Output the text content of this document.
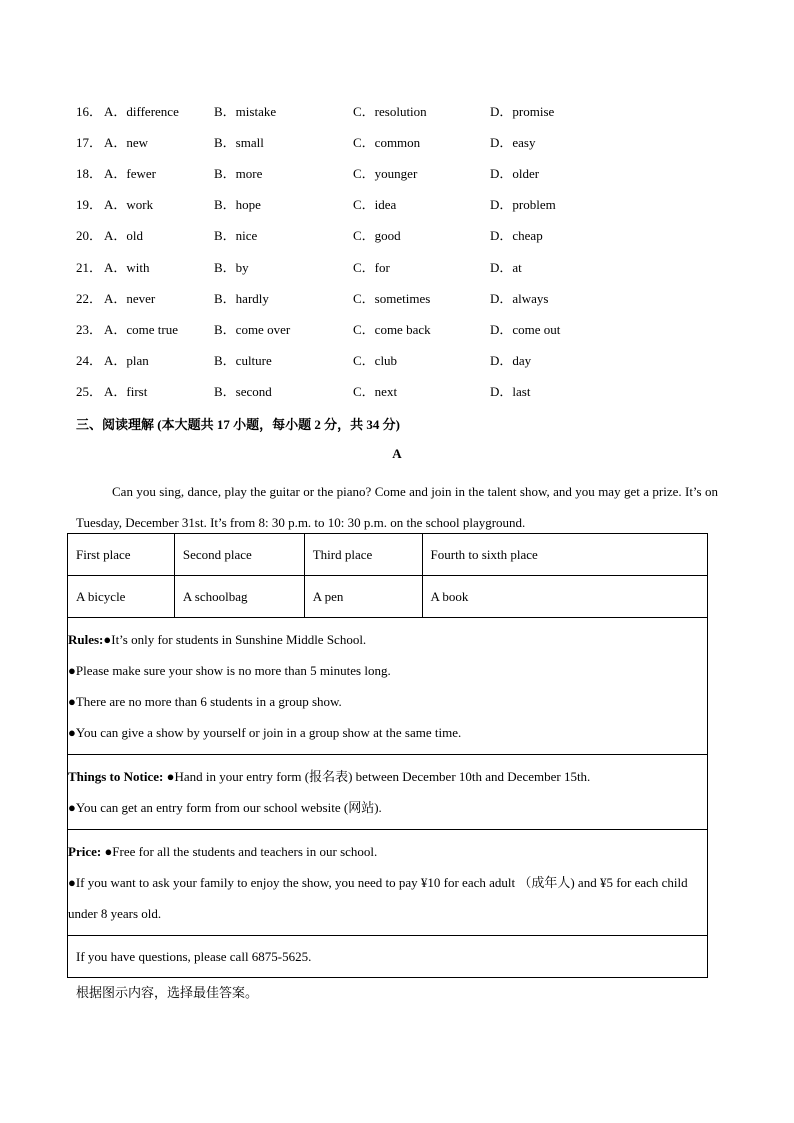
16． A．difference	B．mistake	C．resolution	D．promise
17． A．new	B．small	C．common	D．easy
18． A．fewer	B．more	C．younger	D．older
19． A．work	B．hope	C．idea	D．problem
20． A．old	B．nice	C．good	D．cheap
21． A．with	B．by	C．for	D．at
22． A．never	B．hardly	C．sometimes	D．always
23． A．come true	B．come over	C．come back	D．come out
24． A．plan	B．culture	C．club	D．day
25． A．first	B．second	C．next	D．last
三、阅读理解 (本大题共 17 小题，每小题 2 分，共 34 分)
A
Can you sing, dance, play the guitar or the piano? Come and join in the talent show, and you may get a prize. It’s on Tuesday, December 31st. It’s from 8: 30 p.m. to 10: 30 p.m. on the school playground.
First place	Second place	Third place	Fourth to sixth place
A bicycle	A schoolbag	A pen	A book

Rules:●It’s only for students in Sunshine Middle School.
●Please make sure your show is no more than 5 minutes long.
●There are no more than 6 students in a group show.
●You can give a show by yourself or join in a group show at the same time.			

Things to Notice: ●Hand in your entry form (报名表) between December 10th and December 15th.
●You can get an entry form from our school website (网站).			

Price: ●Free for all the students and teachers in our school.
●If you want to ask your family to enjoy the show, you need to pay ¥10 for each adult （成年人) and ¥5 for each child under 8 years old.			

If you have questions, please call 6875-5625.			
根据图示内容，选择最佳答案。
